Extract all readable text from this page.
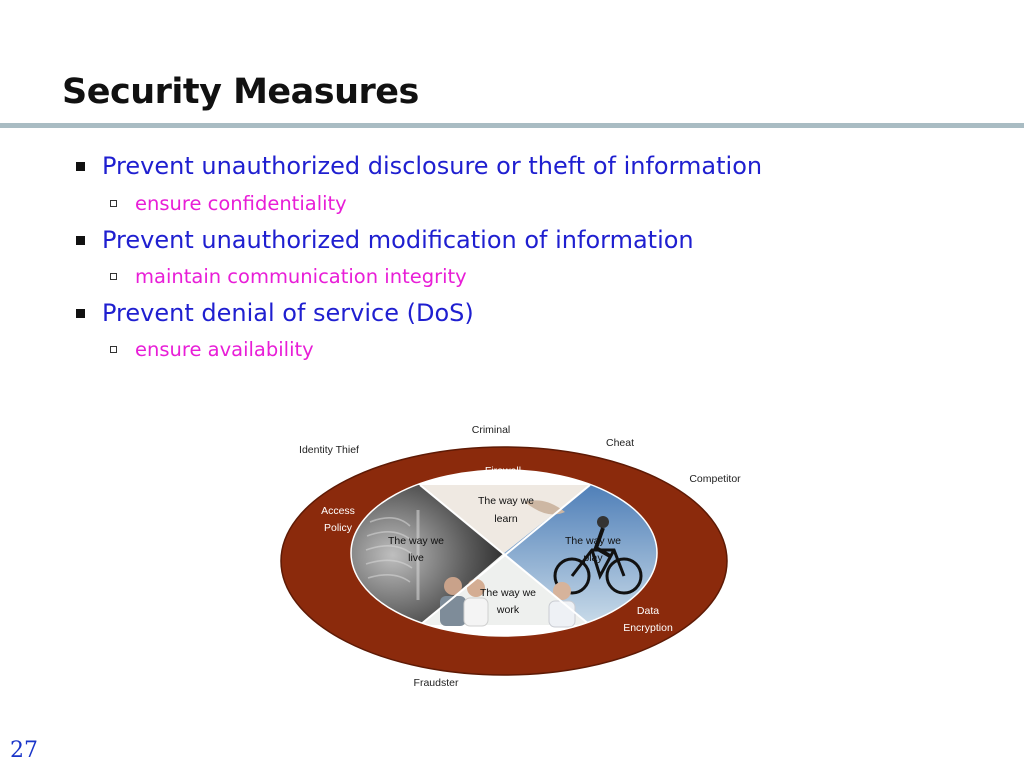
Security Measures
Prevent unauthorized disclosure or theft of information
ensure confidentiality
Prevent unauthorized modification of information
maintain communication integrity
Prevent denial of service (DoS)
ensure availability
The way we learn
The way we live
The way we play
The way we work
Firewall
Access Policy
Data Encryption
Criminal
Identity Thief
Cheat
Competitor
Fraudster
27
